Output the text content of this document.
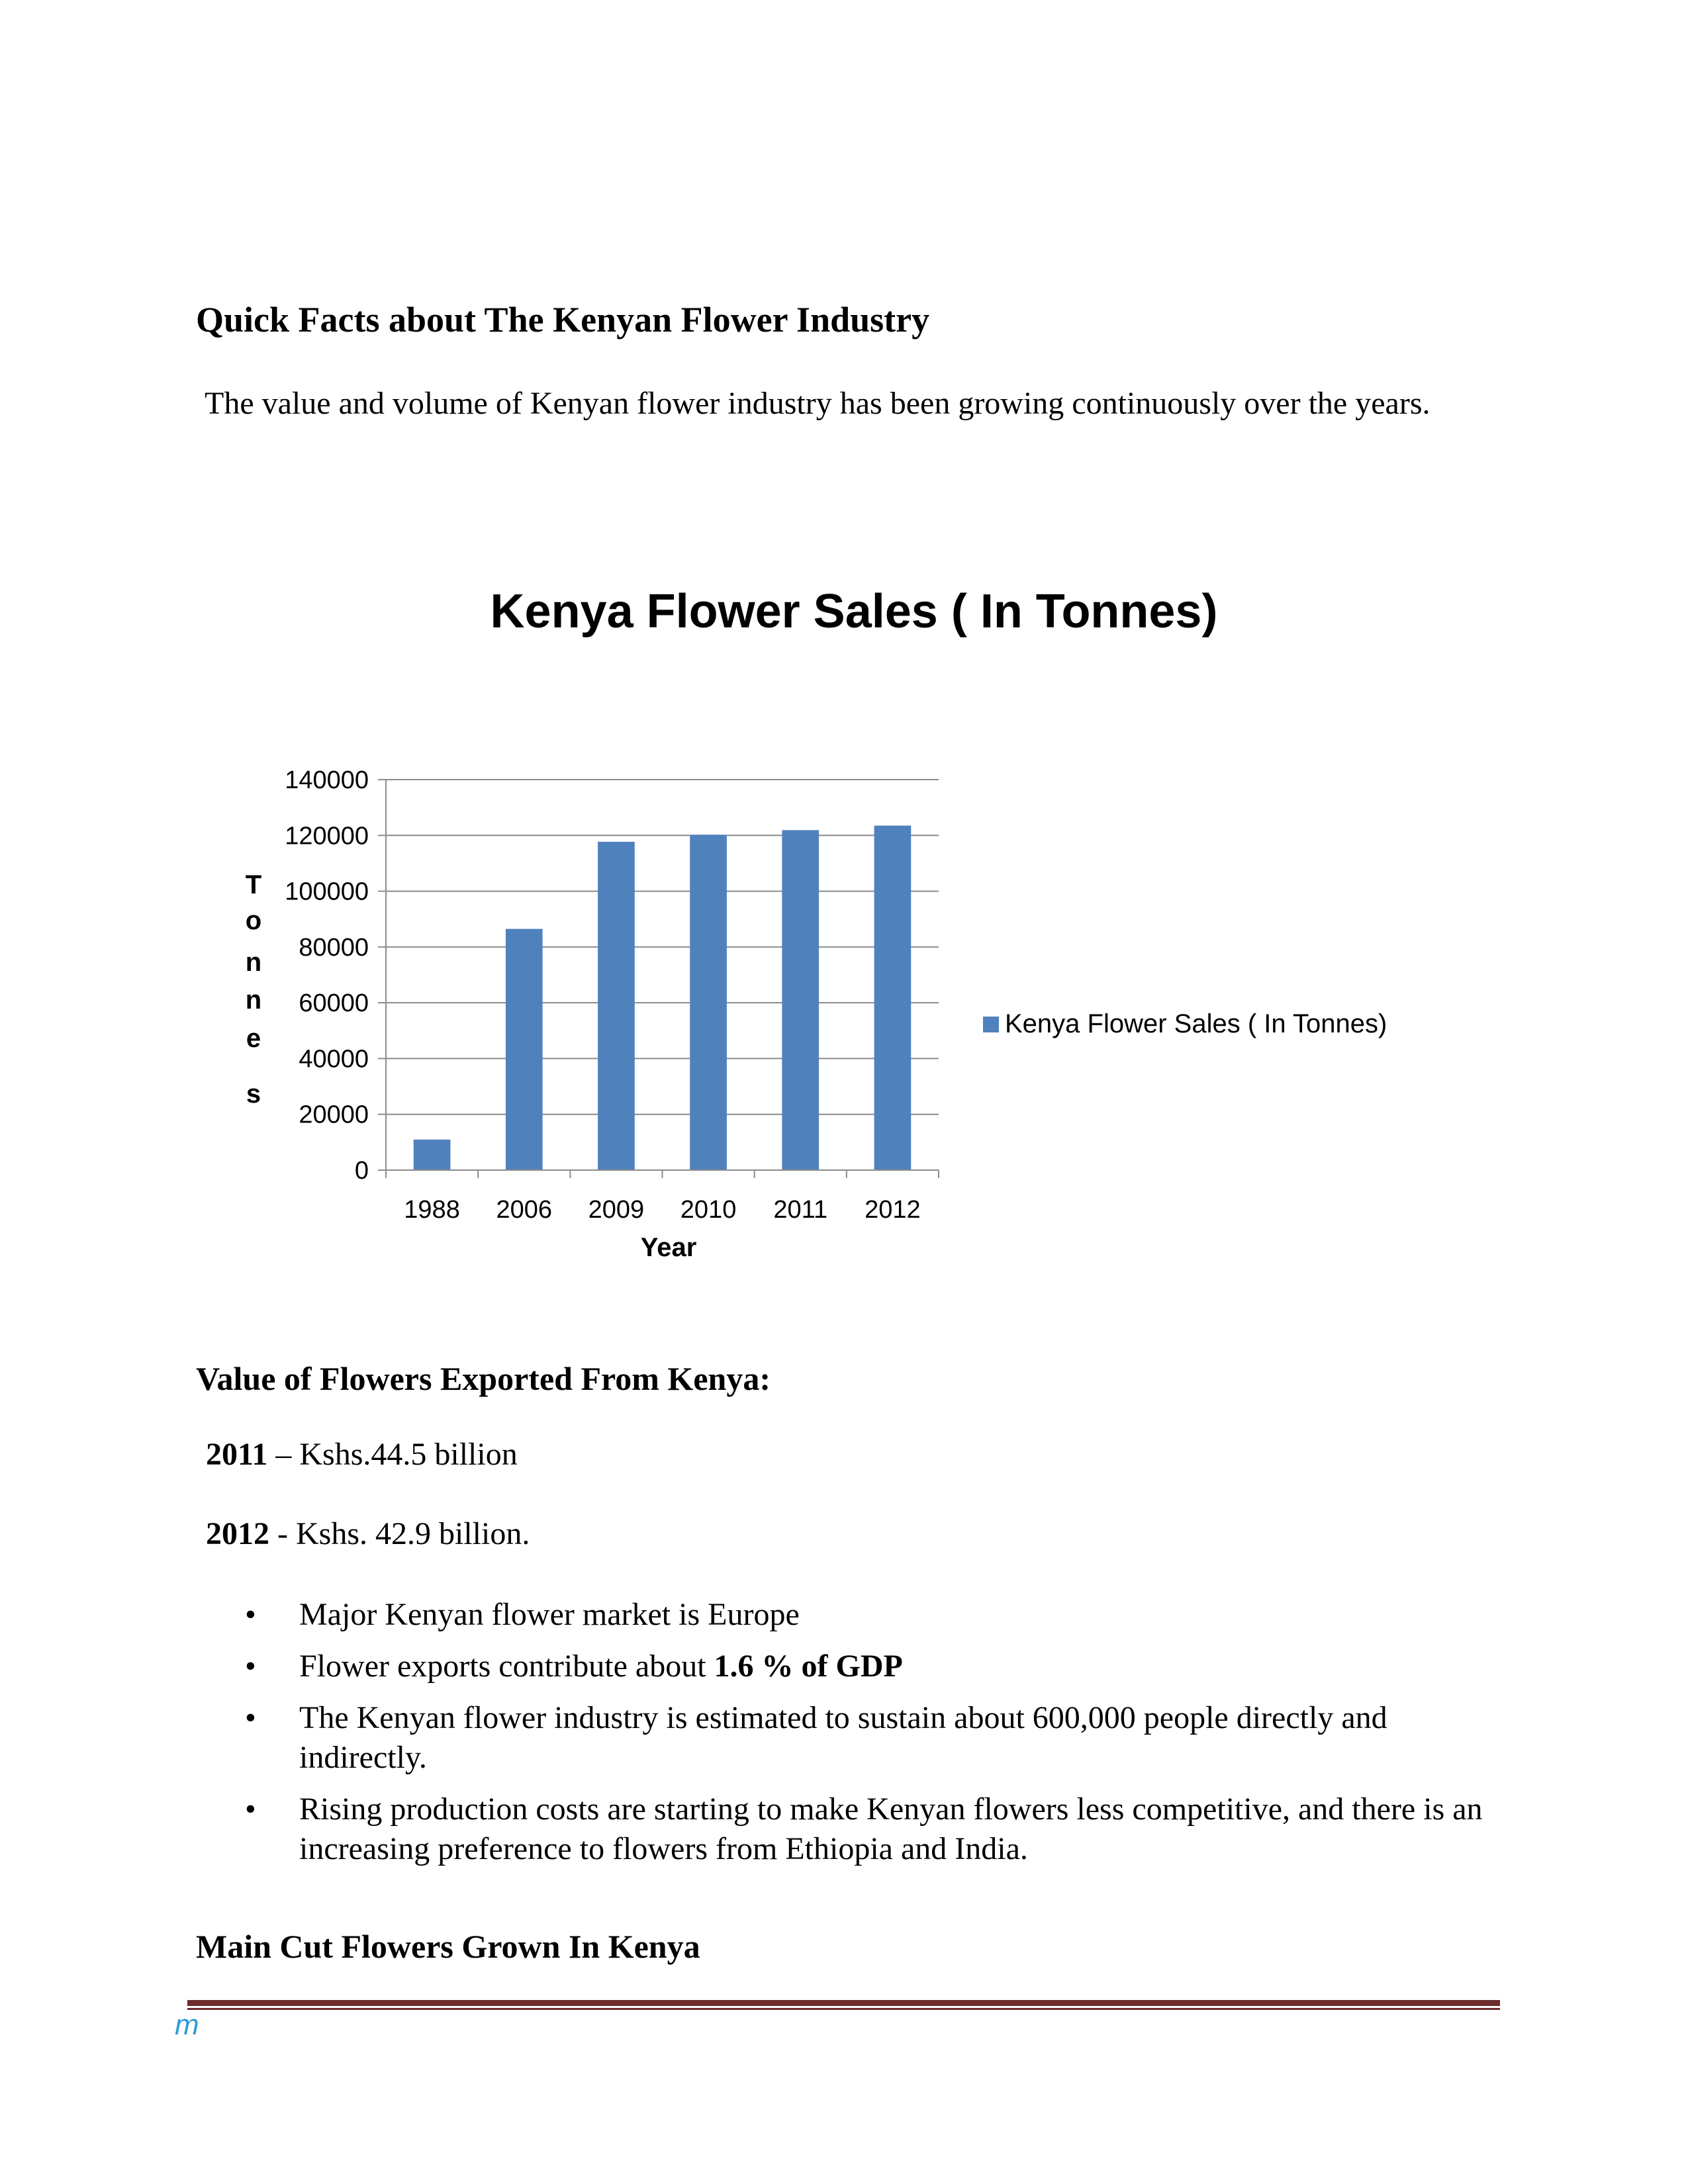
Quick Facts about The Kenyan Flower Industry
The value and volume of Kenyan flower industry has been growing continuously over the years.
Kenya Flower Sales ( In Tonnes)
0
20000
40000
60000
80000
100000
120000
140000
1988 2006 2009 2010 2011 2012
T
o
n
n
e
s
Year
Kenya Flower Sales ( In Tonnes)
Value of Flowers Exported From Kenya:
2011 – Kshs.44.5 billion
2012 - Kshs. 42.9 billion.
• Major Kenyan flower market is Europe
• Flower exports contribute about 1.6 % of GDP
• The Kenyan flower industry is estimated to sustain about 600,000 people directly and indirectly.
• Rising production costs are starting to make Kenyan flowers less competitive, and there is an increasing preference to flowers from Ethiopia and India.
Main Cut Flowers Grown In Kenya
m
